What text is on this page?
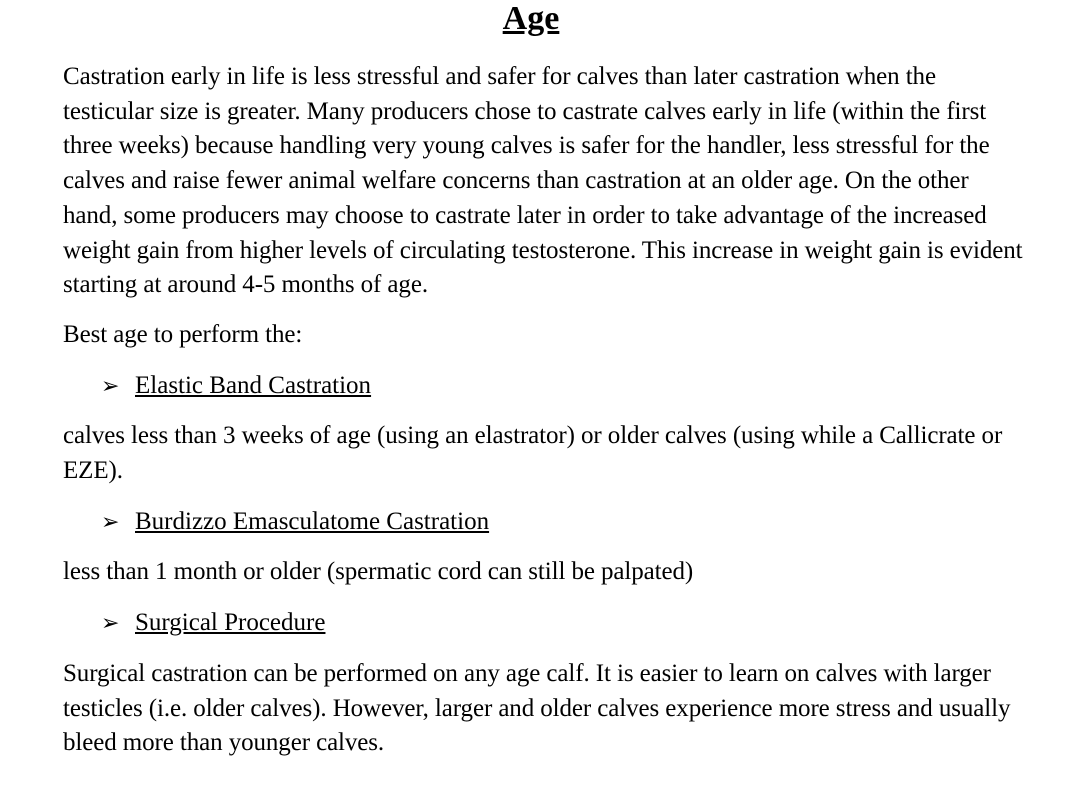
Age

Castration early in life is less stressful and safer for calves than later castration when the testicular size is greater. Many producers chose to castrate calves early in life (within the first three weeks) because handling very young calves is safer for the handler, less stressful for the calves and raise fewer animal welfare concerns than castration at an older age. On the other hand, some producers may choose to castrate later in order to take advantage of the increased weight gain from higher levels of circulating testosterone. This increase in weight gain is evident starting at around 4-5 months of age.

Best age to perform the:

➢ Elastic Band Castration

calves less than 3 weeks of age (using an elastrator) or older calves (using while a Callicrate or EZE).

➢ Burdizzo Emasculatome Castration

less than 1 month or older (spermatic cord can still be palpated)

➢ Surgical Procedure

Surgical castration can be performed on any age calf. It is easier to learn on calves with larger testicles (i.e. older calves). However, larger and older calves experience more stress and usually bleed more than younger calves.
